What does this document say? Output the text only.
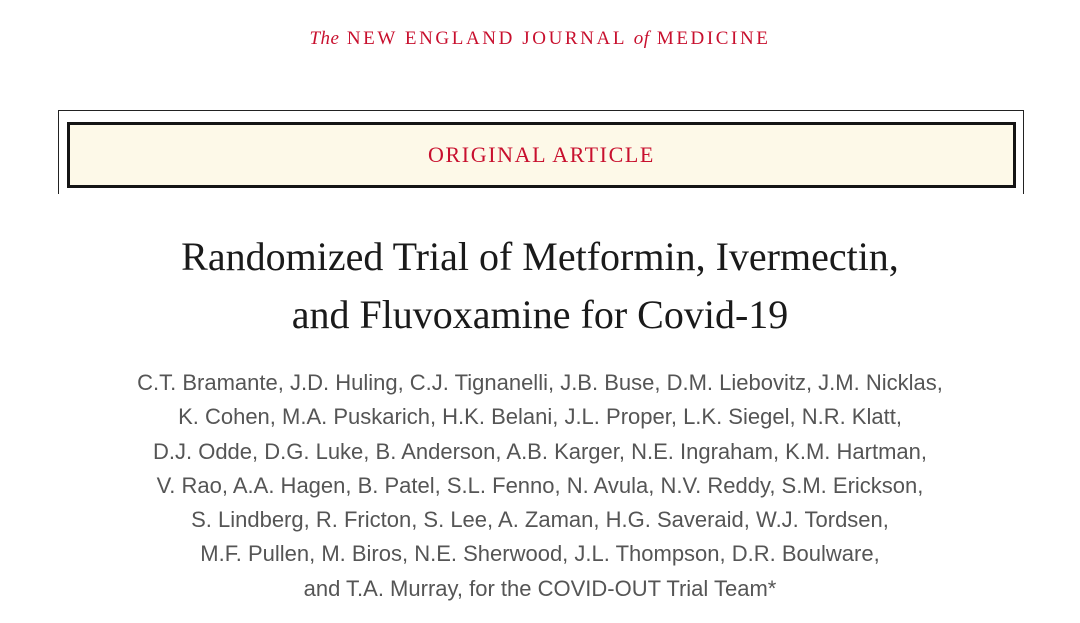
The NEW ENGLAND JOURNAL of MEDICINE
ORIGINAL ARTICLE
Randomized Trial of Metformin, Ivermectin,
and Fluvoxamine for Covid-19
C.T. Bramante, J.D. Huling, C.J. Tignanelli, J.B. Buse, D.M. Liebovitz, J.M. Nicklas,
K. Cohen, M.A. Puskarich, H.K. Belani, J.L. Proper, L.K. Siegel, N.R. Klatt,
D.J. Odde, D.G. Luke, B. Anderson, A.B. Karger, N.E. Ingraham, K.M. Hartman,
V. Rao, A.A. Hagen, B. Patel, S.L. Fenno, N. Avula, N.V. Reddy, S.M. Erickson,
S. Lindberg, R. Fricton, S. Lee, A. Zaman, H.G. Saveraid, W.J. Tordsen,
M.F. Pullen, M. Biros, N.E. Sherwood, J.L. Thompson, D.R. Boulware,
and T.A. Murray, for the COVID-OUT Trial Team*
